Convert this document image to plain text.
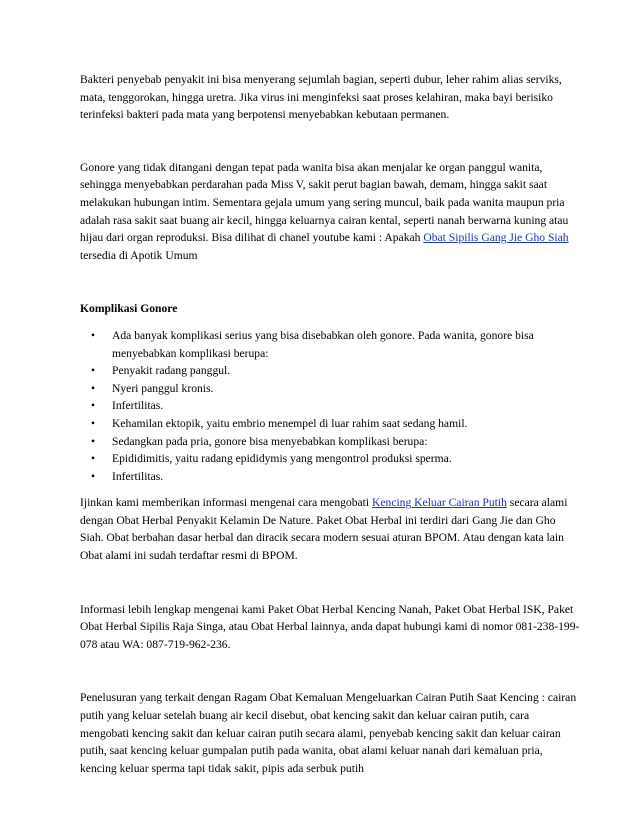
Bakteri penyebab penyakit ini bisa menyerang sejumlah bagian, seperti dubur, leher rahim alias serviks, mata, tenggorokan, hingga uretra. Jika virus ini menginfeksi saat proses kelahiran, maka bayi berisiko terinfeksi bakteri pada mata yang berpotensi menyebabkan kebutaan permanen.

Gonore yang tidak ditangani dengan tepat pada wanita bisa akan menjalar ke organ panggul wanita, sehingga menyebabkan perdarahan pada Miss V, sakit perut bagian bawah, demam, hingga sakit saat melakukan hubungan intim. Sementara gejala umum yang sering muncul, baik pada wanita maupun pria adalah rasa sakit saat buang air kecil, hingga keluarnya cairan kental, seperti nanah berwarna kuning atau hijau dari organ reproduksi. Bisa dilihat di chanel youtube kami : Apakah Obat Sipilis Gang Jie Gho Siah tersedia di Apotik Umum

Komplikasi Gonore
• Ada banyak komplikasi serius yang bisa disebabkan oleh gonore. Pada wanita, gonore bisa menyebabkan komplikasi berupa:
• Penyakit radang panggul.
• Nyeri panggul kronis.
• Infertilitas.
• Kehamilan ektopik, yaitu embrio menempel di luar rahim saat sedang hamil.
• Sedangkan pada pria, gonore bisa menyebabkan komplikasi berupa:
• Epididimitis, yaitu radang epididymis yang mengontrol produksi sperma.
• Infertilitas.

Ijinkan kami memberikan informasi mengenai cara mengobati Kencing Keluar Cairan Putih secara alami dengan Obat Herbal Penyakit Kelamin De Nature. Paket Obat Herbal ini terdiri dari Gang Jie dan Gho Siah. Obat berbahan dasar herbal dan diracik secara modern sesuai aturan BPOM. Atau dengan kata lain Obat alami ini sudah terdaftar resmi di BPOM.

Informasi lebih lengkap mengenai kami Paket Obat Herbal Kencing Nanah, Paket Obat Herbal ISK, Paket Obat Herbal Sipilis Raja Singa, atau Obat Herbal lainnya, anda dapat hubungi kami di nomor 081-238-199-078 atau WA: 087-719-962-236.

Penelusuran yang terkait dengan Ragam Obat Kemaluan Mengeluarkan Cairan Putih Saat Kencing : cairan putih yang keluar setelah buang air kecil disebut, obat kencing sakit dan keluar cairan putih, cara mengobati kencing sakit dan keluar cairan putih secara alami, penyebab kencing sakit dan keluar cairan putih, saat kencing keluar gumpalan putih pada wanita, obat alami keluar nanah dari kemaluan pria, kencing keluar sperma tapi tidak sakit, pipis ada serbuk putih
